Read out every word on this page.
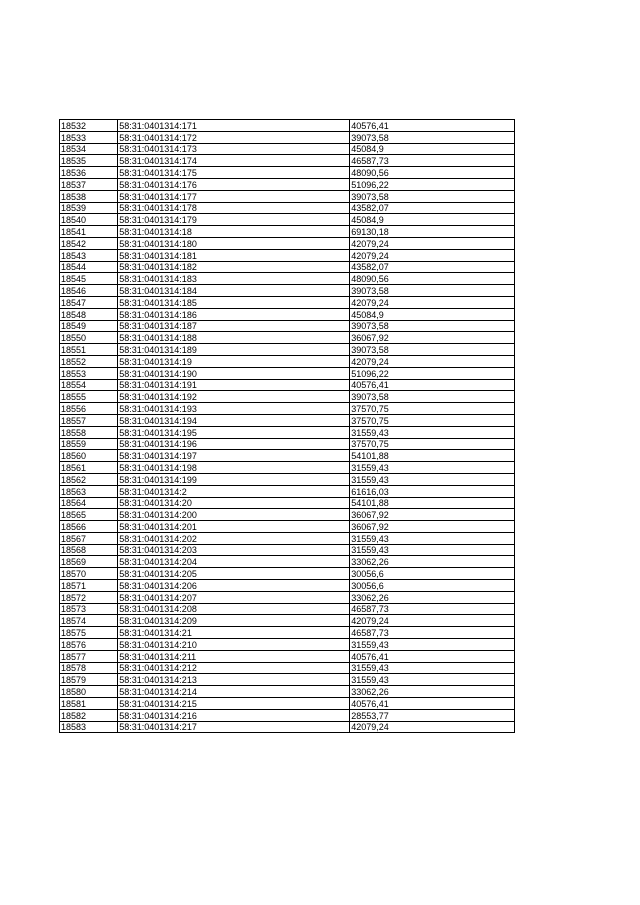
18532	58:31:0401314:171	40576,41
18533	58:31:0401314:172	39073,58
18534	58:31:0401314:173	45084,9
18535	58:31:0401314:174	46587,73
18536	58:31:0401314:175	48090,56
18537	58:31:0401314:176	51096,22
18538	58:31:0401314:177	39073,58
18539	58:31:0401314:178	43582,07
18540	58:31:0401314:179	45084,9
18541	58:31:0401314:18	69130,18
18542	58:31:0401314:180	42079,24
18543	58:31:0401314:181	42079,24
18544	58:31:0401314:182	43582,07
18545	58:31:0401314:183	48090,56
18546	58:31:0401314:184	39073,58
18547	58:31:0401314:185	42079,24
18548	58:31:0401314:186	45084,9
18549	58:31:0401314:187	39073,58
18550	58:31:0401314:188	36067,92
18551	58:31:0401314:189	39073,58
18552	58:31:0401314:19	42079,24
18553	58:31:0401314:190	51096,22
18554	58:31:0401314:191	40576,41
18555	58:31:0401314:192	39073,58
18556	58:31:0401314:193	37570,75
18557	58:31:0401314:194	37570,75
18558	58:31:0401314:195	31559,43
18559	58:31:0401314:196	37570,75
18560	58:31:0401314:197	54101,88
18561	58:31:0401314:198	31559,43
18562	58:31:0401314:199	31559,43
18563	58:31:0401314:2	61616,03
18564	58:31:0401314:20	54101,88
18565	58:31:0401314:200	36067,92
18566	58:31:0401314:201	36067,92
18567	58:31:0401314:202	31559,43
18568	58:31:0401314:203	31559,43
18569	58:31:0401314:204	33062,26
18570	58:31:0401314:205	30056,6
18571	58:31:0401314:206	30056,6
18572	58:31:0401314:207	33062,26
18573	58:31:0401314:208	46587,73
18574	58:31:0401314:209	42079,24
18575	58:31:0401314:21	46587,73
18576	58:31:0401314:210	31559,43
18577	58:31:0401314:211	40576,41
18578	58:31:0401314:212	31559,43
18579	58:31:0401314:213	31559,43
18580	58:31:0401314:214	33062,26
18581	58:31:0401314:215	40576,41
18582	58:31:0401314:216	28553,77
18583	58:31:0401314:217	42079,24
